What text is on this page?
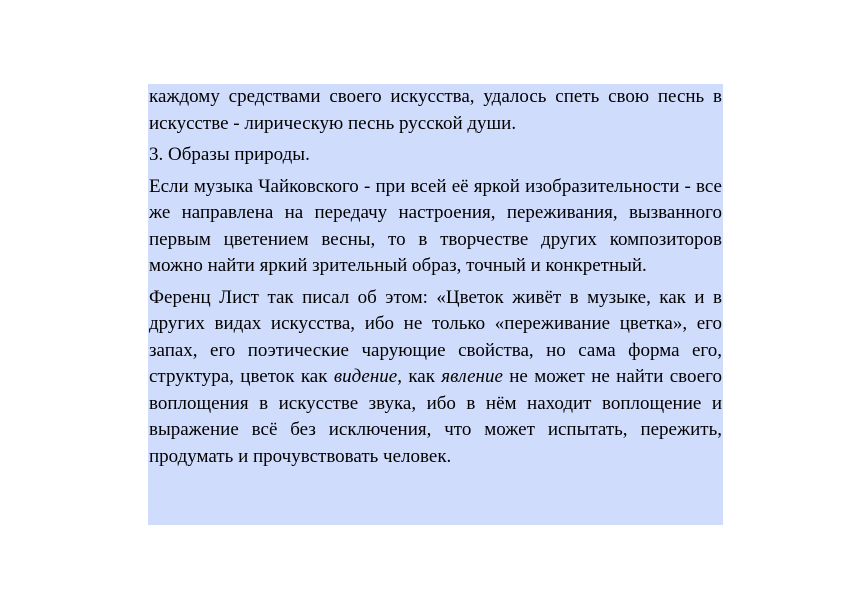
каждому средствами своего искусства, удалось спеть свою песнь в искусстве - лирическую песнь русской души.

3. Образы природы.

Если музыка Чайковского - при всей её яркой изобразительности - все же направлена на передачу настроения, переживания, вызванного первым цветением весны, то в творчестве других композиторов можно найти яркий зрительный образ, точный и конкретный.

Ференц Лист так писал об этом: «Цветок живёт в музыке, как и в других видах искусства, ибо не только «переживание цветка», его запах, его поэтические чарующие свойства, но сама форма его, структура, цветок как видение, как явление не может не найти своего воплощения в искусстве звука, ибо в нём находит воплощение и выражение всё без исключения, что может испытать, пережить, продумать и прочувствовать человек.
